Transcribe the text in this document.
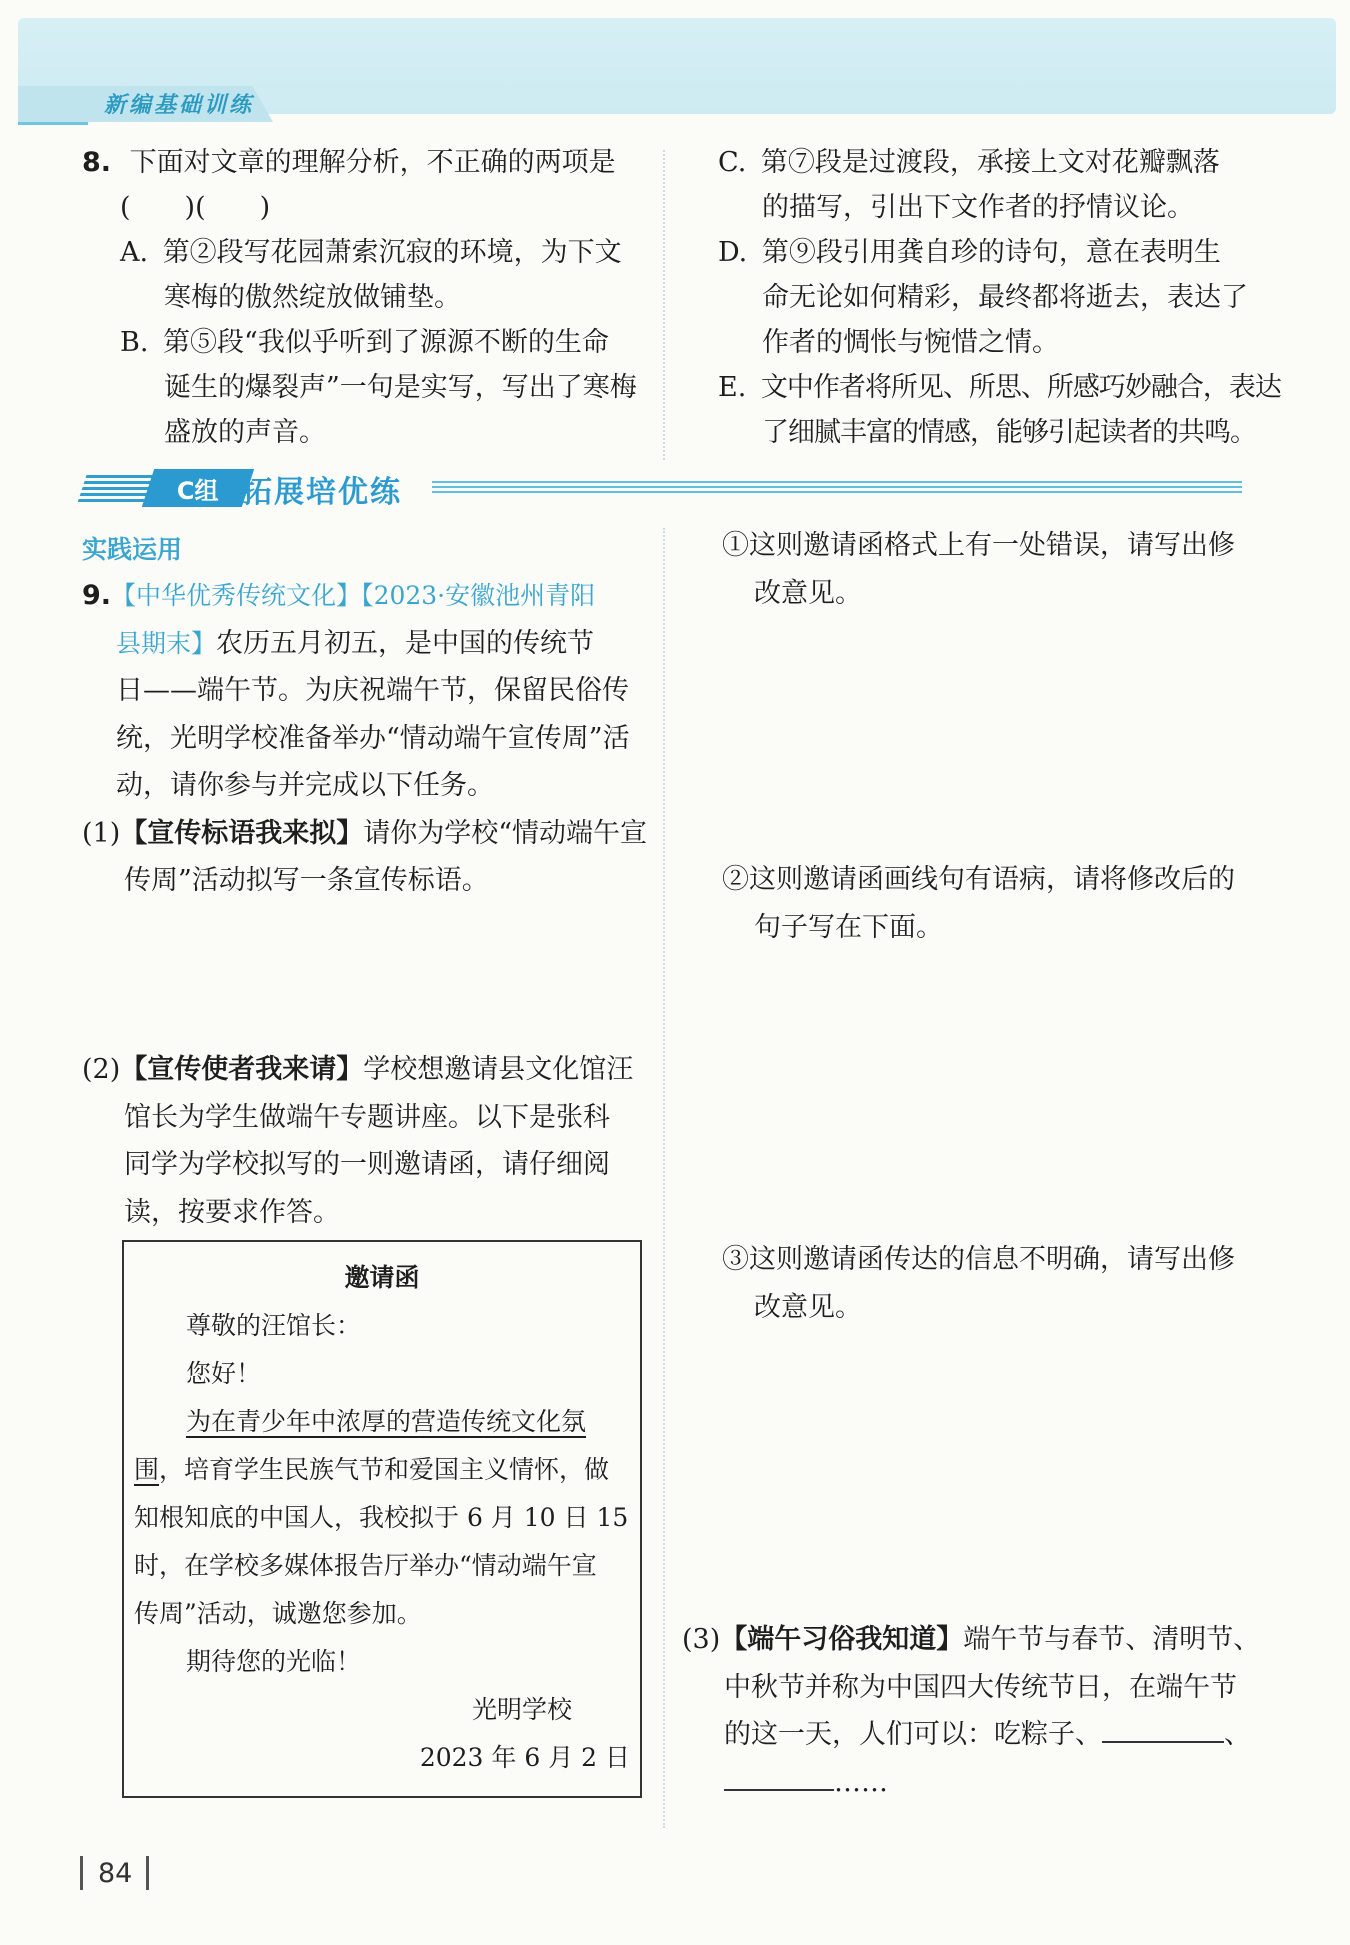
新编基础训练
8. 下面对文章的理解分析，不正确的两项是
(　　)(　　)
A. 第②段写花园萧索沉寂的环境，为下文
寒梅的傲然绽放做铺垫。
B. 第⑤段“我似乎听到了源源不断的生命
诞生的爆裂声”一句是实写，写出了寒梅
盛放的声音。
C. 第⑦段是过渡段，承接上文对花瓣飘落
的描写，引出下文作者的抒情议论。
D. 第⑨段引用龚自珍的诗句，意在表明生
命无论如何精彩，最终都将逝去，表达了
作者的惆怅与惋惜之情。
E. 文中作者将所见、所思、所感巧妙融合，表达
了细腻丰富的情感，能够引起读者的共鸣。
C组 拓展培优练
实践运用
9.【中华优秀传统文化】【2023·安徽池州青阳
县期末】农历五月初五，是中国的传统节
日——端午节。为庆祝端午节，保留民俗传
统，光明学校准备举办“情动端午宣传周”活
动，请你参与并完成以下任务。
(1)【宣传标语我来拟】请你为学校“情动端午宣
传周”活动拟写一条宣传标语。
(2)【宣传使者我来请】学校想邀请县文化馆汪
馆长为学生做端午专题讲座。以下是张科
同学为学校拟写的一则邀请函，请仔细阅
读，按要求作答。
邀请函
尊敬的汪馆长：
您好！
为在青少年中浓厚的营造传统文化氛
围，培育学生民族气节和爱国主义情怀，做
知根知底的中国人，我校拟于 6 月 10 日 15
时，在学校多媒体报告厅举办“情动端午宣
传周”活动，诚邀您参加。
期待您的光临！
光明学校
2023 年 6 月 2 日
①这则邀请函格式上有一处错误，请写出修
改意见。
②这则邀请函画线句有语病，请将修改后的
句子写在下面。
③这则邀请函传达的信息不明确，请写出修
改意见。
(3)【端午习俗我知道】端午节与春节、清明节、
中秋节并称为中国四大传统节日，在端午节
的这一天，人们可以：吃粽子、	、
……
84
